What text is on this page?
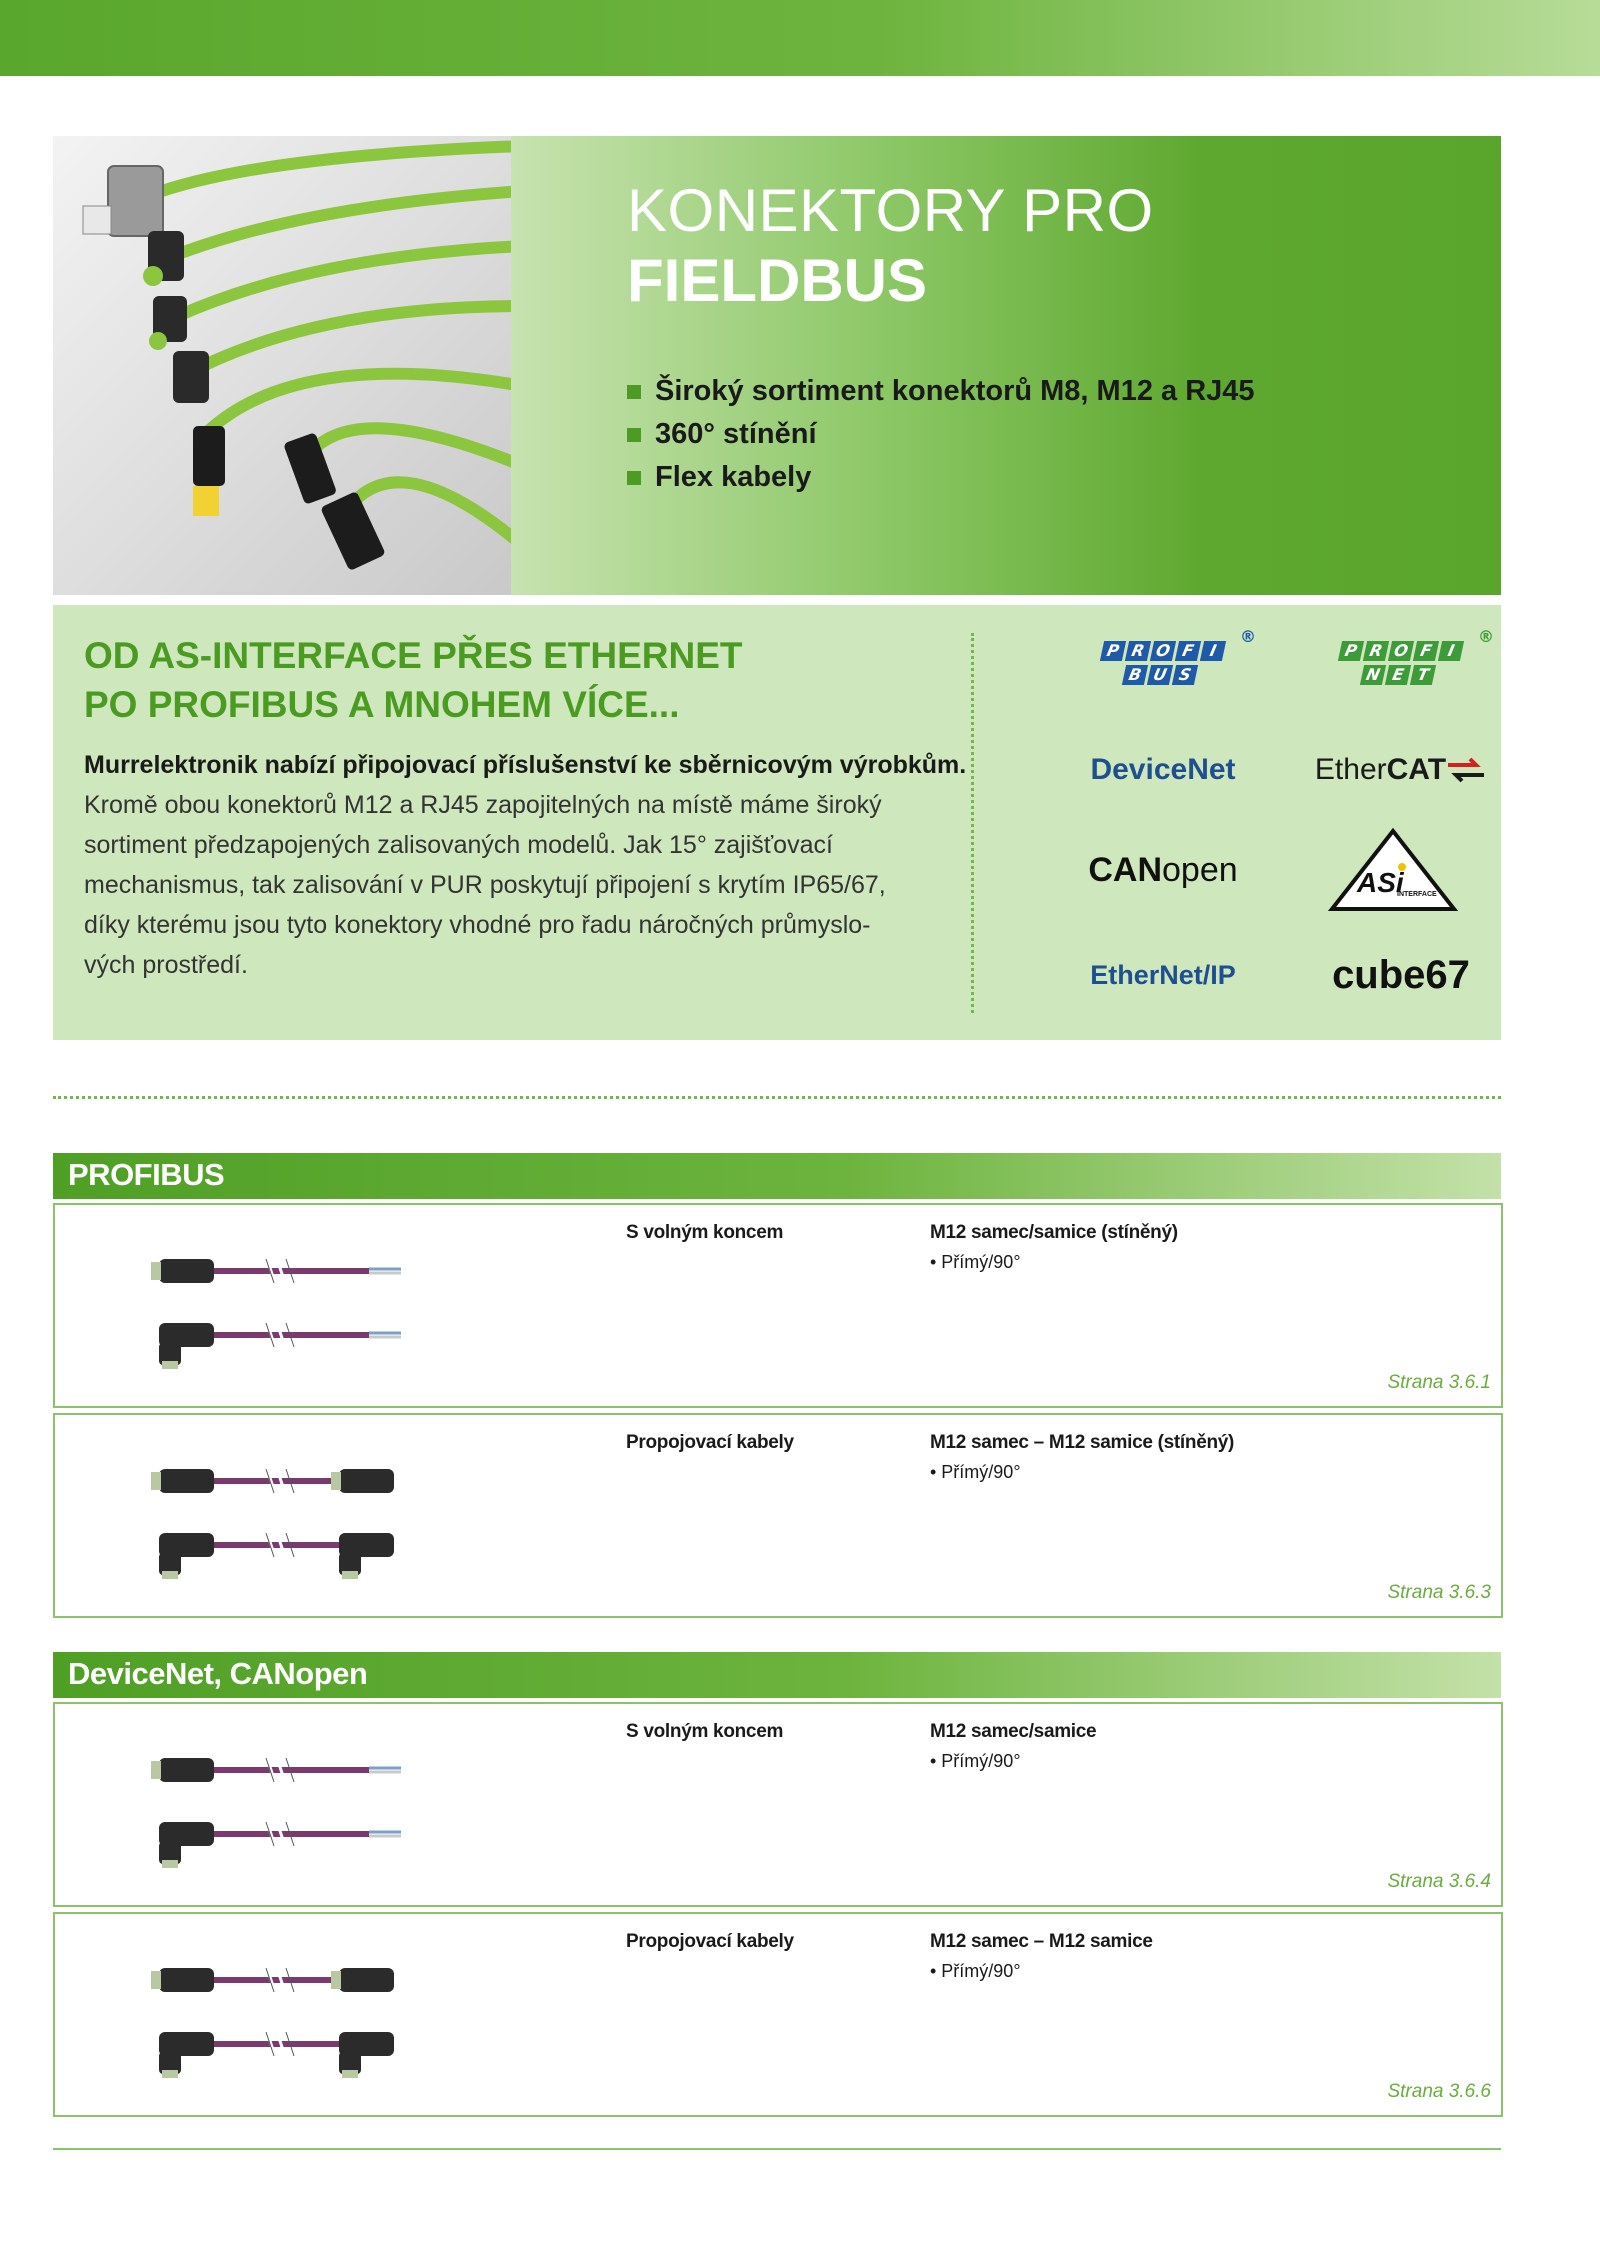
KONEKTORY PRO
FIELDBUS
Široký sortiment konektorů M8, M12 a RJ45
360° stínění
Flex kabely
OD AS-INTERFACE PŘES ETHERNET
PO PROFIBUS A MNOHEM VÍCE...
Murrelektronik nabízí připojovací příslušenství ke sběrnicovým výrobkům.
Kromě obou konektorů M12 a RJ45 zapojitelných na místě máme široký
sortiment předzapojených zalisovaných modelů. Jak 15° zajišťovací
mechanismus, tak zalisování v PUR poskytují připojení s krytím IP65/67,
díky kterému jsou tyto konektory vhodné pro řadu náročných průmyslo-
vých prostředí.
P R O F I
B U S
®
P R O F I
N E T
®
DeviceNet	Ether CAT
CAN open	ASi
INTERFACE
EtherNet/IP cube67
PROFIBUS
S volným koncem	M12 samec/samice (stíněný)
• Přímý/90°
Strana 3.6.1
Propojovací kabely	M12 samec – M12 samice (stíněný)
• Přímý/90°
Strana 3.6.3
DeviceNet, CANopen
S volným koncem	M12 samec/samice
• Přímý/90°
Strana 3.6.4
Propojovací kabely	M12 samec – M12 samice
• Přímý/90°
Strana 3.6.6
